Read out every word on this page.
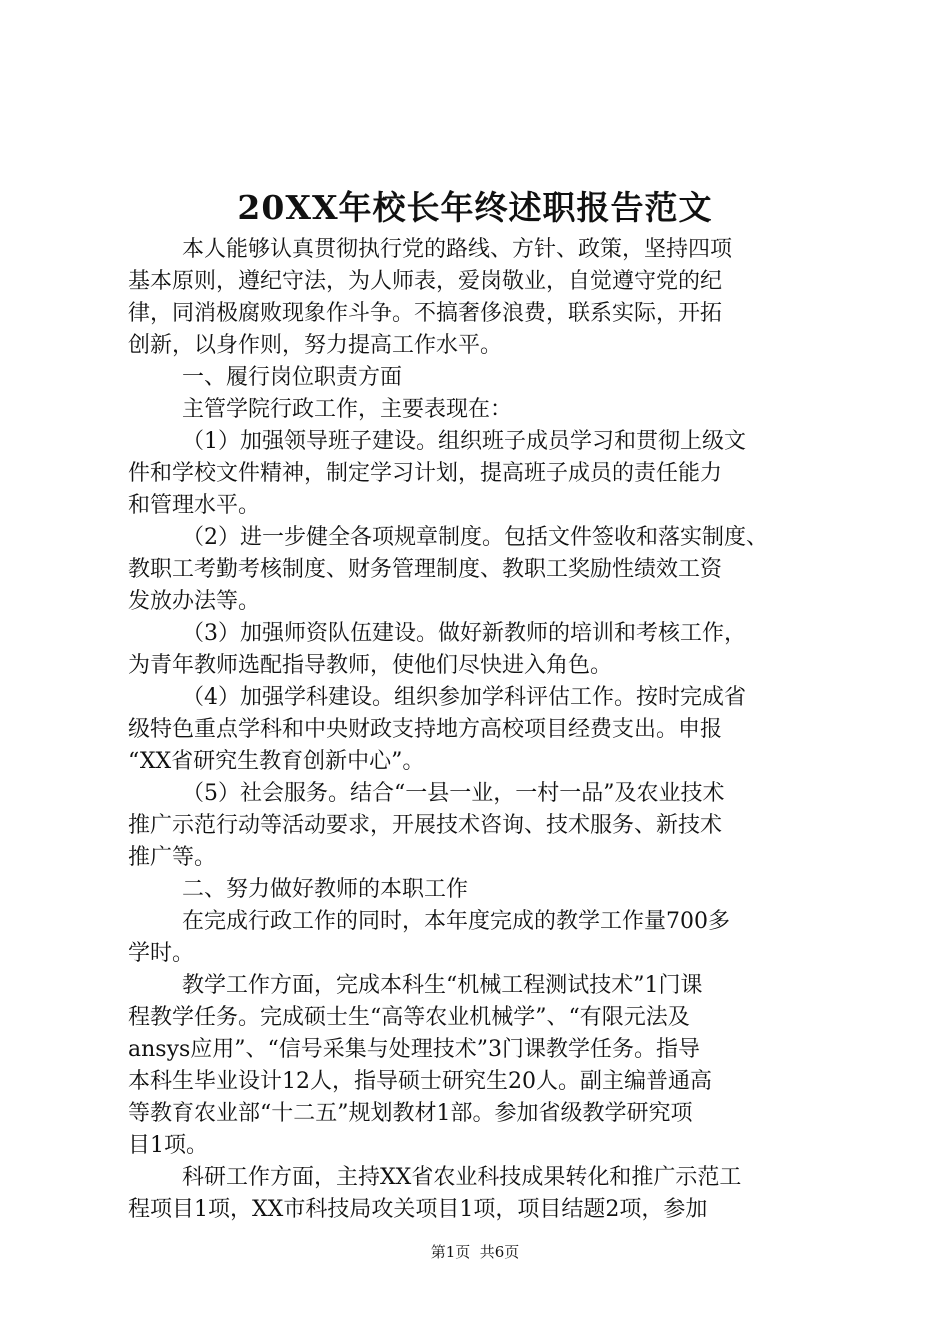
20XX年校长年终述职报告范文
本人能够认真贯彻执行党的路线、方针、政策，坚持四项
基本原则，遵纪守法，为人师表，爱岗敬业，自觉遵守党的纪
律，同消极腐败现象作斗争。不搞奢侈浪费，联系实际，开拓
创新，以身作则，努力提高工作水平。
一、履行岗位职责方面
主管学院行政工作，主要表现在：
（1）加强领导班子建设。组织班子成员学习和贯彻上级文
件和学校文件精神，制定学习计划，提高班子成员的责任能力
和管理水平。
（2）进一步健全各项规章制度。包括文件签收和落实制度、
教职工考勤考核制度、财务管理制度、教职工奖励性绩效工资
发放办法等。
（3）加强师资队伍建设。做好新教师的培训和考核工作，
为青年教师选配指导教师，使他们尽快进入角色。
（4）加强学科建设。组织参加学科评估工作。按时完成省
级特色重点学科和中央财政支持地方高校项目经费支出。申报
“XX省研究生教育创新中心”。
（5）社会服务。结合“一县一业，一村一品”及农业技术
推广示范行动等活动要求，开展技术咨询、技术服务、新技术
推广等。
二、努力做好教师的本职工作
在完成行政工作的同时，本年度完成的教学工作量700多
学时。
教学工作方面，完成本科生“机械工程测试技术”1门课
程教学任务。完成硕士生“高等农业机械学”、“有限元法及
ansys应用”、“信号采集与处理技术”3门课教学任务。指导
本科生毕业设计12人，指导硕士研究生20人。副主编普通高
等教育农业部“十二五”规划教材1部。参加省级教学研究项
目1项。
科研工作方面，主持XX省农业科技成果转化和推广示范工
程项目1项，XX市科技局攻关项目1项，项目结题2项，参加
第1页  共6页
